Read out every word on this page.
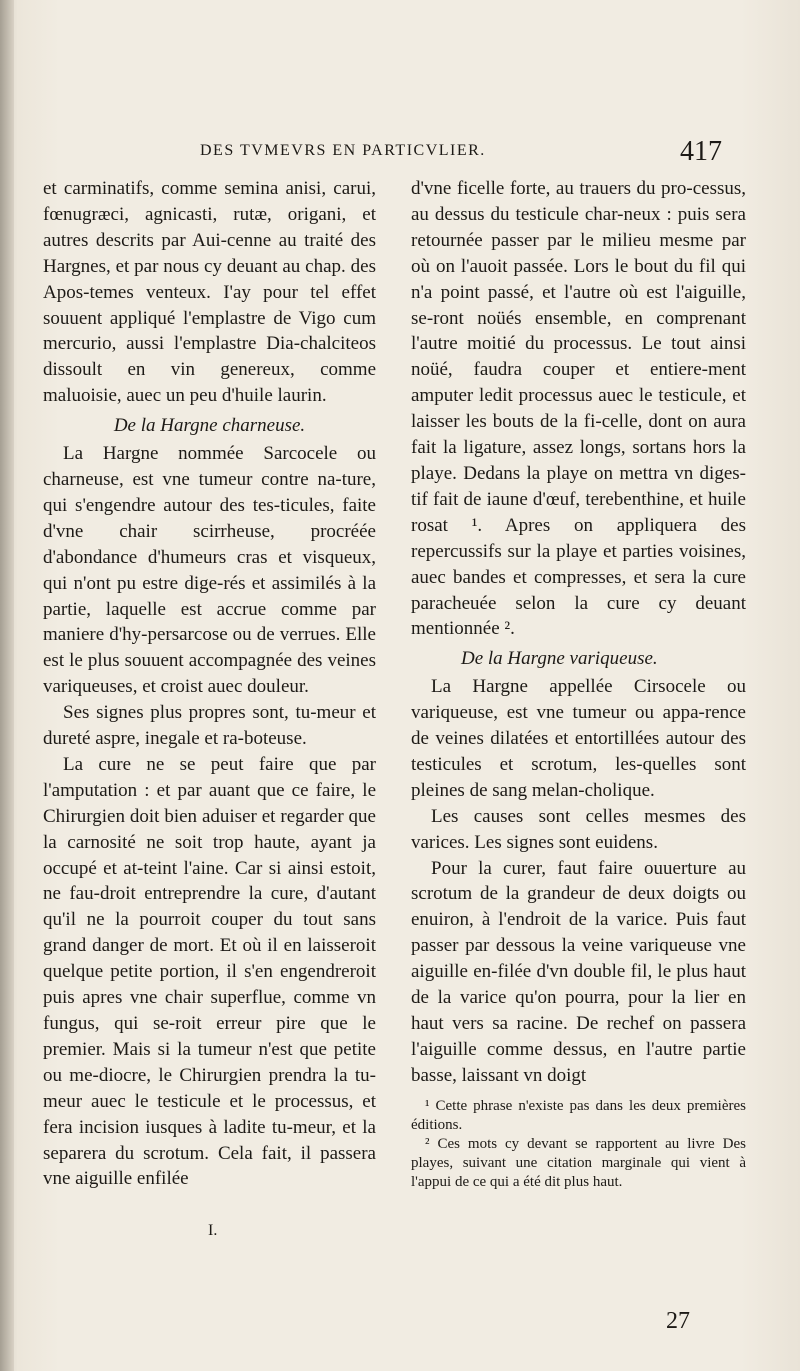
DES TVMEVRS EN PARTICVLIER.	417

et carminatifs, comme semina anisi, carui, fœnugræci, agnicasti, rutæ, origani, et autres descrits par Aui-cenne au traité des Hargnes, et par nous cy deuant au chap. des Apos-temes venteux. I'ay pour tel effet souuent appliqué l'emplastre de Vigo cum mercurio, aussi l'emplastre Dia-chalciteos dissoult en vin genereux, comme maluoisie, auec un peu d'huile laurin.

De la Hargne charneuse.

La Hargne nommée Sarcocele ou charneuse, est vne tumeur contre na-ture, qui s'engendre autour des tes-ticules, faite d'vne chair scirrheuse, procréée d'abondance d'humeurs cras et visqueux, qui n'ont pu estre dige-rés et assimilés à la partie, laquelle est accrue comme par maniere d'hy-persarcose ou de verrues. Elle est le plus souuent accompagnée des veines variqueuses, et croist auec douleur.

Ses signes plus propres sont, tu-meur et dureté aspre, inegale et ra-boteuse.

La cure ne se peut faire que par l'amputation : et par auant que ce faire, le Chirurgien doit bien aduiser et regarder que la carnosité ne soit trop haute, ayant ja occupé et at-teint l'aine. Car si ainsi estoit, ne fau-droit entreprendre la cure, d'autant qu'il ne la pourroit couper du tout sans grand danger de mort. Et où il en laisseroit quelque petite portion, il s'en engendreroit puis apres vne chair superflue, comme vn fungus, qui se-roit erreur pire que le premier. Mais si la tumeur n'est que petite ou me-diocre, le Chirurgien prendra la tu-meur auec le testicule et le processus, et fera incision iusques à ladite tu-meur, et la separera du scrotum. Cela fait, il passera vne aiguille enfilée

I.

d'vne ficelle forte, au trauers du pro-cessus, au dessus du testicule char-neux : puis sera retournée passer par le milieu mesme par où on l'auoit passée. Lors le bout du fil qui n'a point passé, et l'autre où est l'aiguille, se-ront noüés ensemble, en comprenant l'autre moitié du processus. Le tout ainsi noüé, faudra couper et entiere-ment amputer ledit processus auec le testicule, et laisser les bouts de la fi-celle, dont on aura fait la ligature, assez longs, sortans hors la playe. Dedans la playe on mettra vn diges-tif fait de iaune d'œuf, terebenthine, et huile rosat ¹. Apres on appliquera des repercussifs sur la playe et parties voisines, auec bandes et compresses, et sera la cure paracheuée selon la cure cy deuant mentionnée ².

De la Hargne variqueuse.

La Hargne appellée Cirsocele ou variqueuse, est vne tumeur ou appa-rence de veines dilatées et entortillées autour des testicules et scrotum, les-quelles sont pleines de sang melan-cholique.

Les causes sont celles mesmes des varices. Les signes sont euidens.

Pour la curer, faut faire ouuerture au scrotum de la grandeur de deux doigts ou enuiron, à l'endroit de la varice. Puis faut passer par dessous la veine variqueuse vne aiguille en-filée d'vn double fil, le plus haut de la varice qu'on pourra, pour la lier en haut vers sa racine. De rechef on passera l'aiguille comme dessus, en l'autre partie basse, laissant vn doigt

¹ Cette phrase n'existe pas dans les deux premières éditions.

² Ces mots cy devant se rapportent au livre Des playes, suivant une citation marginale qui vient à l'appui de ce qui a été dit plus haut.

27
